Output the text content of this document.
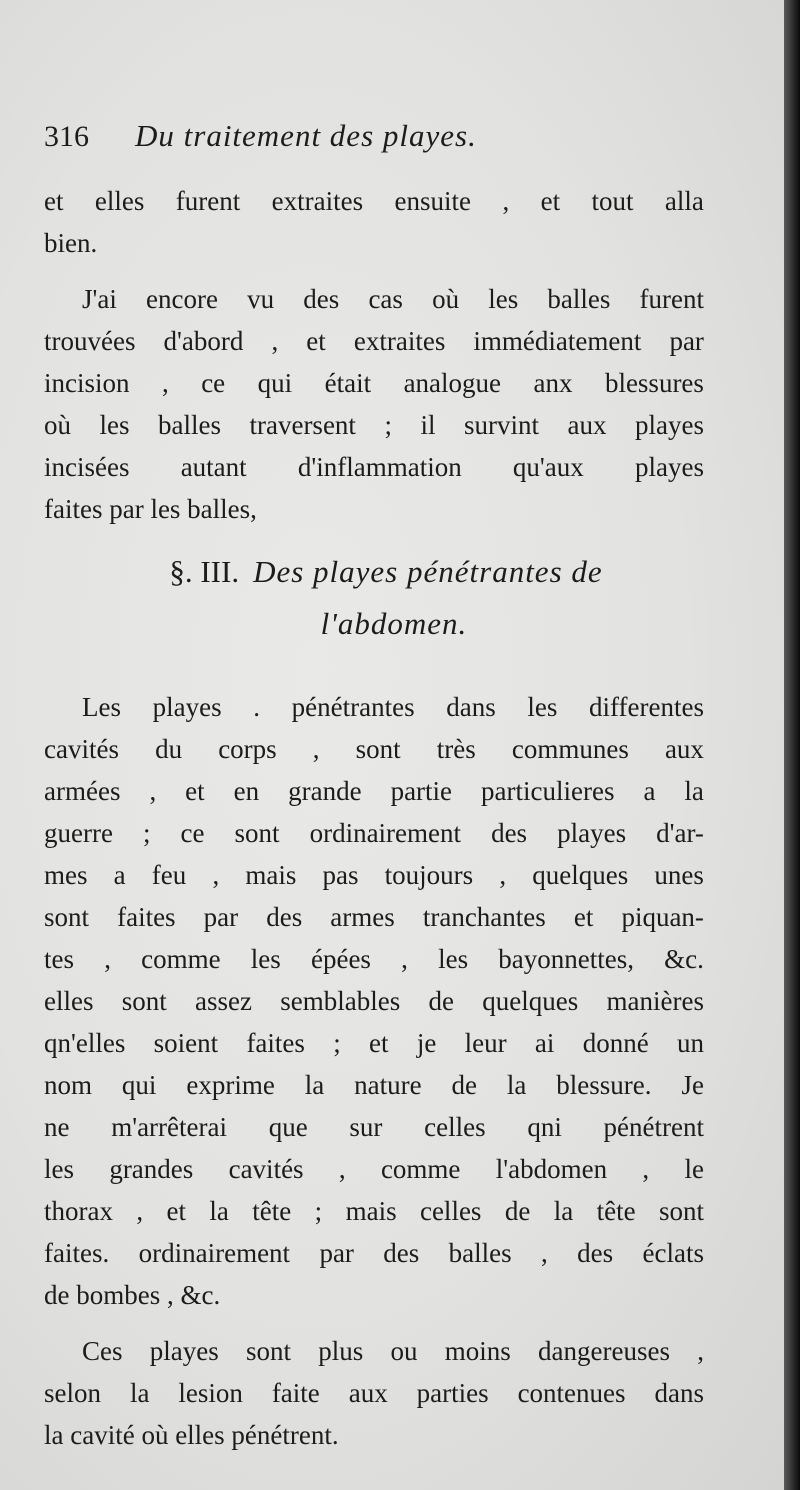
316 Du traitement des playes.
et elles furent extraites ensuite , et tout alla
bien.
J'ai encore vu des cas où les balles furent
trouvées d'abord , et extraites immédiatement par
incision , ce qui était analogue anx blessures
où les balles traversent ; il survint aux playes
incisées autant d'inflammation qu'aux playes
faites par les balles,
§. III. Des playes pénétrantes de
l'abdomen.
Les playes . pénétrantes dans les differentes
cavités du corps , sont très communes aux
armées , et en grande partie particulieres a la
guerre ; ce sont ordinairement des playes d'ar-
mes a feu , mais pas toujours , quelques unes
sont faites par des armes tranchantes et piquan-
tes , comme les épées , les bayonnettes, &c.
elles sont assez semblables de quelques manières
qn'elles soient faites ; et je leur ai donné un
nom qui exprime la nature de la blessure. Je
ne m'arrêterai que sur celles qni pénétrent
les grandes cavités , comme l'abdomen , le
thorax , et la tête ; mais celles de la tête sont
faites. ordinairement par des balles , des éclats
de bombes , &c.
Ces playes sont plus ou moins dangereuses ,
selon la lesion faite aux parties contenues dans
la cavité où elles pénétrent.
